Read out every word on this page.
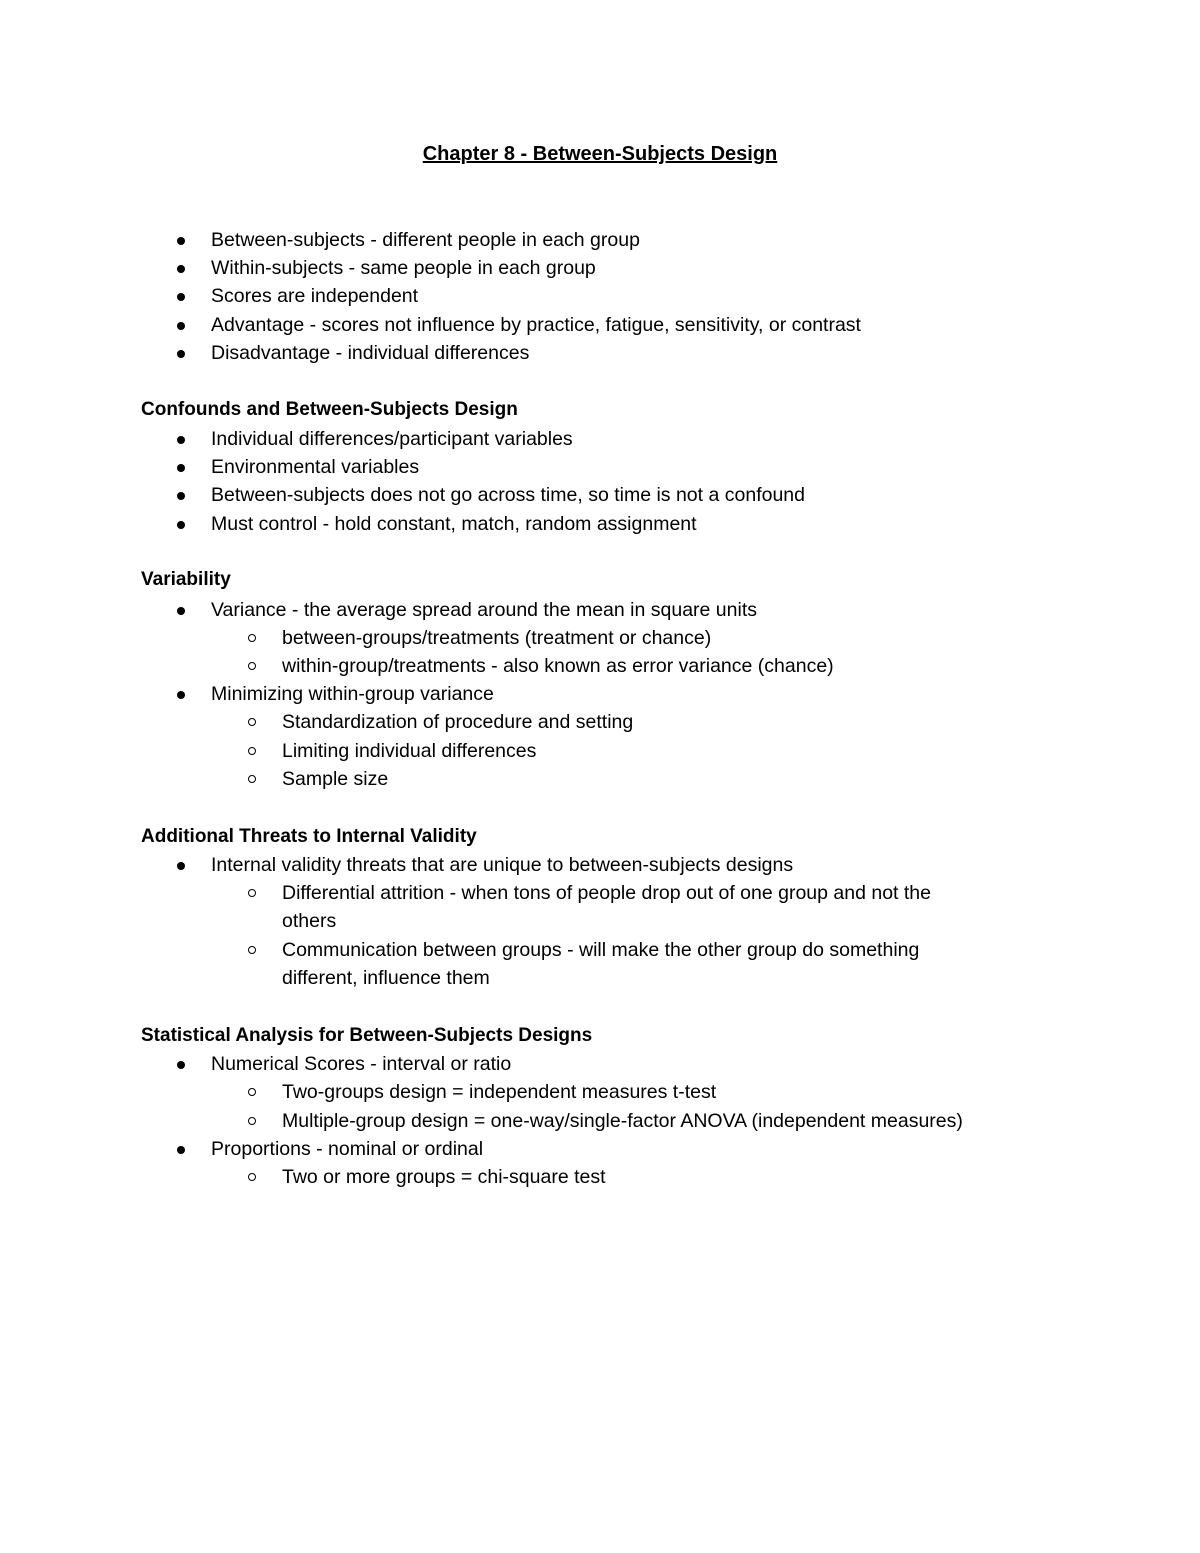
Chapter 8 - Between-Subjects Design
Between-subjects - different people in each group
Within-subjects - same people in each group
Scores are independent
Advantage - scores not influence by practice, fatigue, sensitivity, or contrast
Disadvantage - individual differences
Confounds and Between-Subjects Design
Individual differences/participant variables
Environmental variables
Between-subjects does not go across time, so time is not a confound
Must control - hold constant, match, random assignment
Variability
Variance - the average spread around the mean in square units
between-groups/treatments (treatment or chance)
within-group/treatments - also known as error variance (chance)
Minimizing within-group variance
Standardization of procedure and setting
Limiting individual differences
Sample size
Additional Threats to Internal Validity
Internal validity threats that are unique to between-subjects designs
Differential attrition - when tons of people drop out of one group and not the
others
Communication between groups - will make the other group do something
different, influence them
Statistical Analysis for Between-Subjects Designs
Numerical Scores - interval or ratio
Two-groups design = independent measures t-test
Multiple-group design = one-way/single-factor ANOVA (independent measures)
Proportions - nominal or ordinal
Two or more groups = chi-square test
